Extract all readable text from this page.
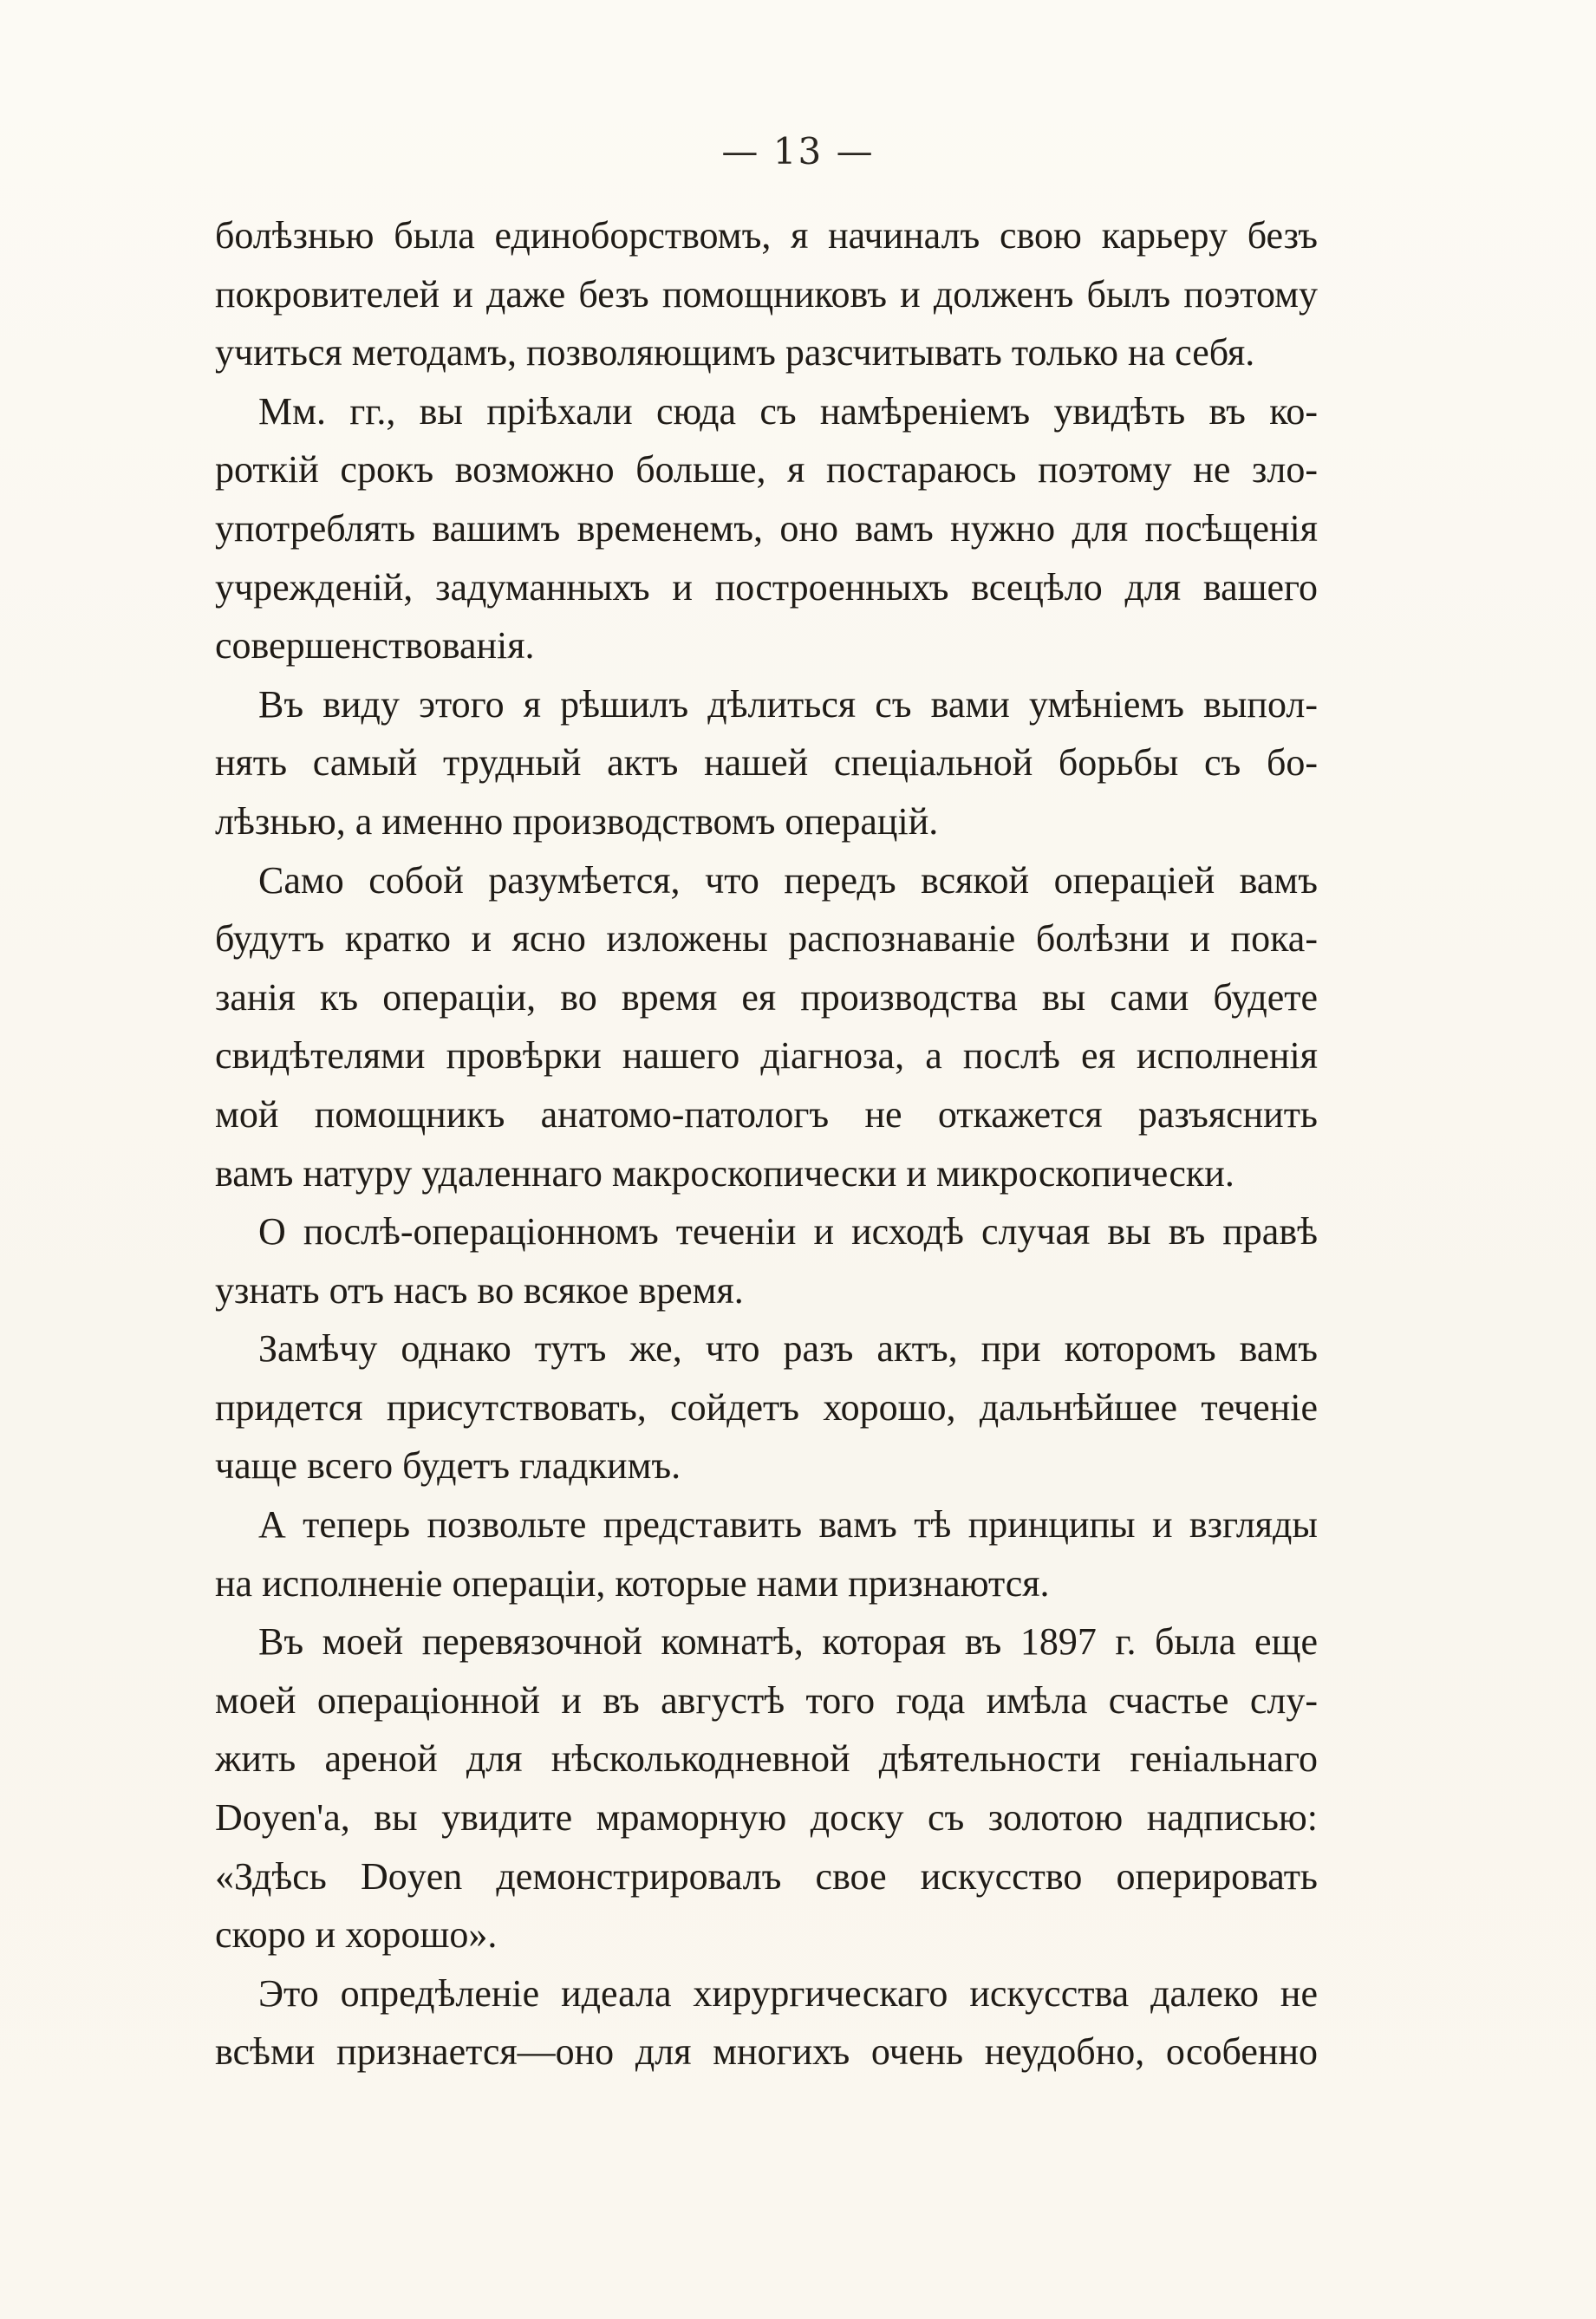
— 13 —
болѣзнью была единоборствомъ, я начиналъ свою карьеру безъ
покровителей и даже безъ помощниковъ и долженъ былъ поэтому
учиться методамъ, позволяющимъ разсчитывать только на себя.
Мм. гг., вы пріѣхали сюда съ намѣреніемъ увидѣть въ ко-
роткій срокъ возможно больше, я постараюсь поэтому не зло-
употреблять вашимъ временемъ, оно вамъ нужно для посѣщенія
учрежденій, задуманныхъ и построенныхъ всецѣло для вашего
совершенствованія.
Въ виду этого я рѣшилъ дѣлиться съ вами умѣніемъ выпол-
нять самый трудный актъ нашей спеціальной борьбы съ бо-
лѣзнью, а именно производствомъ операцій.
Само собой разумѣется, что передъ всякой операціей вамъ
будутъ кратко и ясно изложены распознаваніе болѣзни и пока-
занія къ операціи, во время ея производства вы сами будете
свидѣтелями провѣрки нашего діагноза, а послѣ ея исполненія
мой помощникъ анатомо-патологъ не откажется разъяснить
вамъ натуру удаленнаго макроскопически и микроскопически.
О послѣ-операціонномъ теченіи и исходѣ случая вы въ правѣ
узнать отъ насъ во всякое время.
Замѣчу однако тутъ же, что разъ актъ, при которомъ вамъ
придется присутствовать, сойдетъ хорошо, дальнѣйшее теченіе
чаще всего будетъ гладкимъ.
А теперь позвольте представить вамъ тѣ принципы и взгляды
на исполненіе операціи, которые нами признаются.
Въ моей перевязочной комнатѣ, которая въ 1897 г. была еще
моей операціонной и въ августѣ того года имѣла счастье слу-
жить ареной для нѣсколькодневной дѣятельности геніальнаго
Doyen'а, вы увидите мраморную доску съ золотою надписью:
«Здѣсь Doyen демонстрировалъ свое искусство оперировать
скоро и хорошо».
Это опредѣленіе идеала хирургическаго искусства далеко не
всѣми признается—оно для многихъ очень неудобно, особенно
